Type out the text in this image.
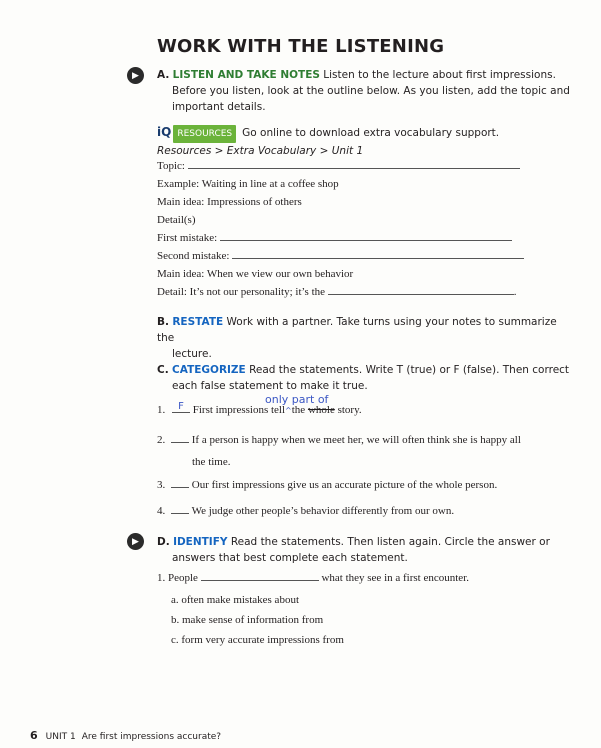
WORK WITH THE LISTENING
▶	A. LISTEN AND TAKE NOTES Listen to the lecture about first impressions.
Before you listen, look at the outline below. As you listen, add the topic and
important details.
iQ RESOURCES Go online to download extra vocabulary support.
Resources > Extra Vocabulary > Unit 1
Topic:
Example: Waiting in line at a coffee shop
Main idea: Impressions of others
Detail(s)
First mistake:
Second mistake:
Main idea: When we view our own behavior
Detail: It’s not our personality; it’s the	.
B. RESTATE Work with a partner. Take turns using your notes to summarize the
lecture.
C. CATEGORIZE Read the statements. Write T (true) or F (false). Then correct
each false statement to make it true.
only part of
1. F First impressions tell^the whole story.
2. If a person is happy when we meet her, we will often think she is happy all
the time.
3. Our first impressions give us an accurate picture of the whole person.
4. We judge other people’s behavior differently from our own.
▶	D. IDENTIFY Read the statements. Then listen again. Circle the answer or
answers that best complete each statement.
1. People	what they see in a first encounter.
a. often make mistakes about
b. make sense of information from
c. form very accurate impressions from
6 UNIT 1 Are first impressions accurate?
